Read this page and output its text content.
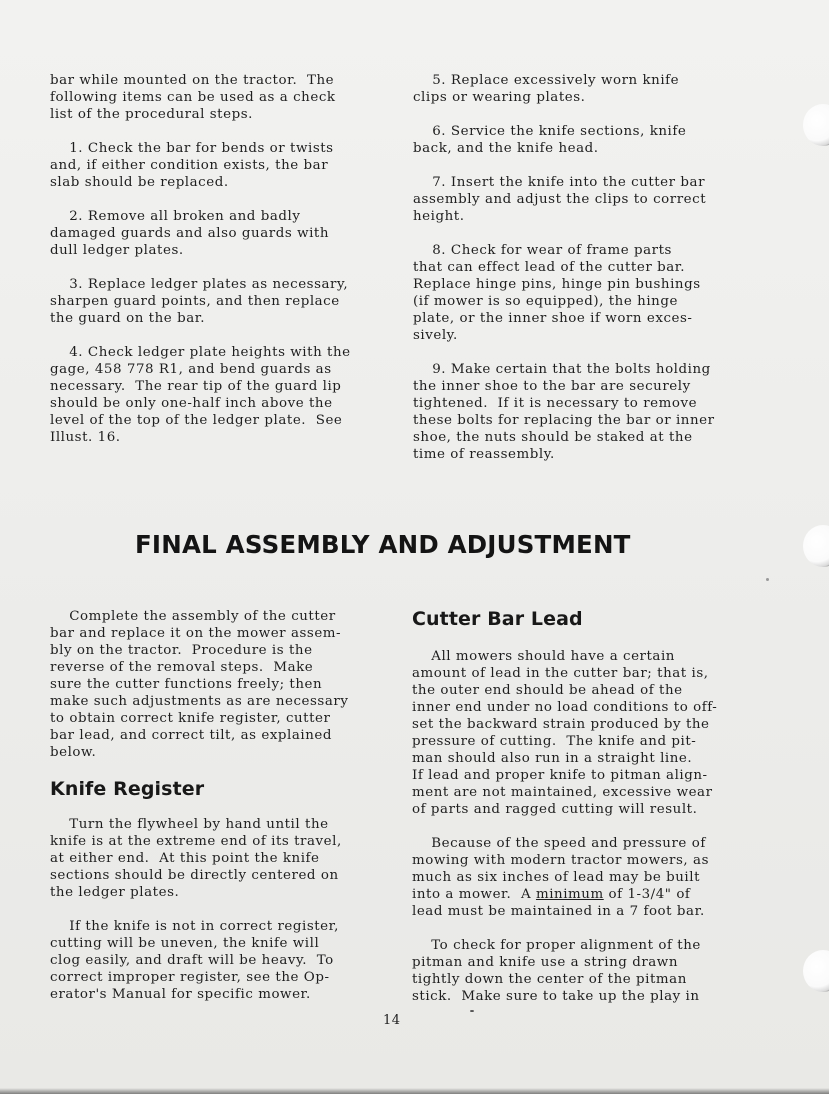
bar while mounted on the tractor.  The
following items can be used as a check
list of the procedural steps.

1. Check the bar for bends or twists
and, if either condition exists, the bar
slab should be replaced.

2. Remove all broken and badly
damaged guards and also guards with
dull ledger plates.

3. Replace ledger plates as necessary,
sharpen guard points, and then replace
the guard on the bar.

4. Check ledger plate heights with the
gage, 458 778 R1, and bend guards as
necessary.  The rear tip of the guard lip
should be only one-half inch above the
level of the top of the ledger plate.  See
Illust. 16.

5. Replace excessively worn knife
clips or wearing plates.

6. Service the knife sections, knife
back, and the knife head.

7. Insert the knife into the cutter bar
assembly and adjust the clips to correct
height.

8. Check for wear of frame parts
that can effect lead of the cutter bar.
Replace hinge pins, hinge pin bushings
(if mower is so equipped), the hinge
plate, or the inner shoe if worn exces-
sively.

9. Make certain that the bolts holding
the inner shoe to the bar are securely
tightened.  If it is necessary to remove
these bolts for replacing the bar or inner
shoe, the nuts should be staked at the
time of reassembly.

FINAL ASSEMBLY AND ADJUSTMENT

Complete the assembly of the cutter
bar and replace it on the mower assem-
bly on the tractor.  Procedure is the
reverse of the removal steps.  Make
sure the cutter functions freely; then
make such adjustments as are necessary
to obtain correct knife register, cutter
bar lead, and correct tilt, as explained
below.

Knife Register

Turn the flywheel by hand until the
knife is at the extreme end of its travel,
at either end.  At this point the knife
sections should be directly centered on
the ledger plates.

If the knife is not in correct register,
cutting will be uneven, the knife will
clog easily, and draft will be heavy.  To
correct improper register, see the Op-
erator's Manual for specific mower.

Cutter Bar Lead

All mowers should have a certain
amount of lead in the cutter bar; that is,
the outer end should be ahead of the
inner end under no load conditions to off-
set the backward strain produced by the
pressure of cutting.  The knife and pit-
man should also run in a straight line.
If lead and proper knife to pitman align-
ment are not maintained, excessive wear
of parts and ragged cutting will result.

Because of the speed and pressure of
mowing with modern tractor mowers, as
much as six inches of lead may be built
into a mower.  A minimum of 1-3/4" of
lead must be maintained in a 7 foot bar.

To check for proper alignment of the
pitman and knife use a string drawn
tightly down the center of the pitman
stick.  Make sure to take up the play in

14
